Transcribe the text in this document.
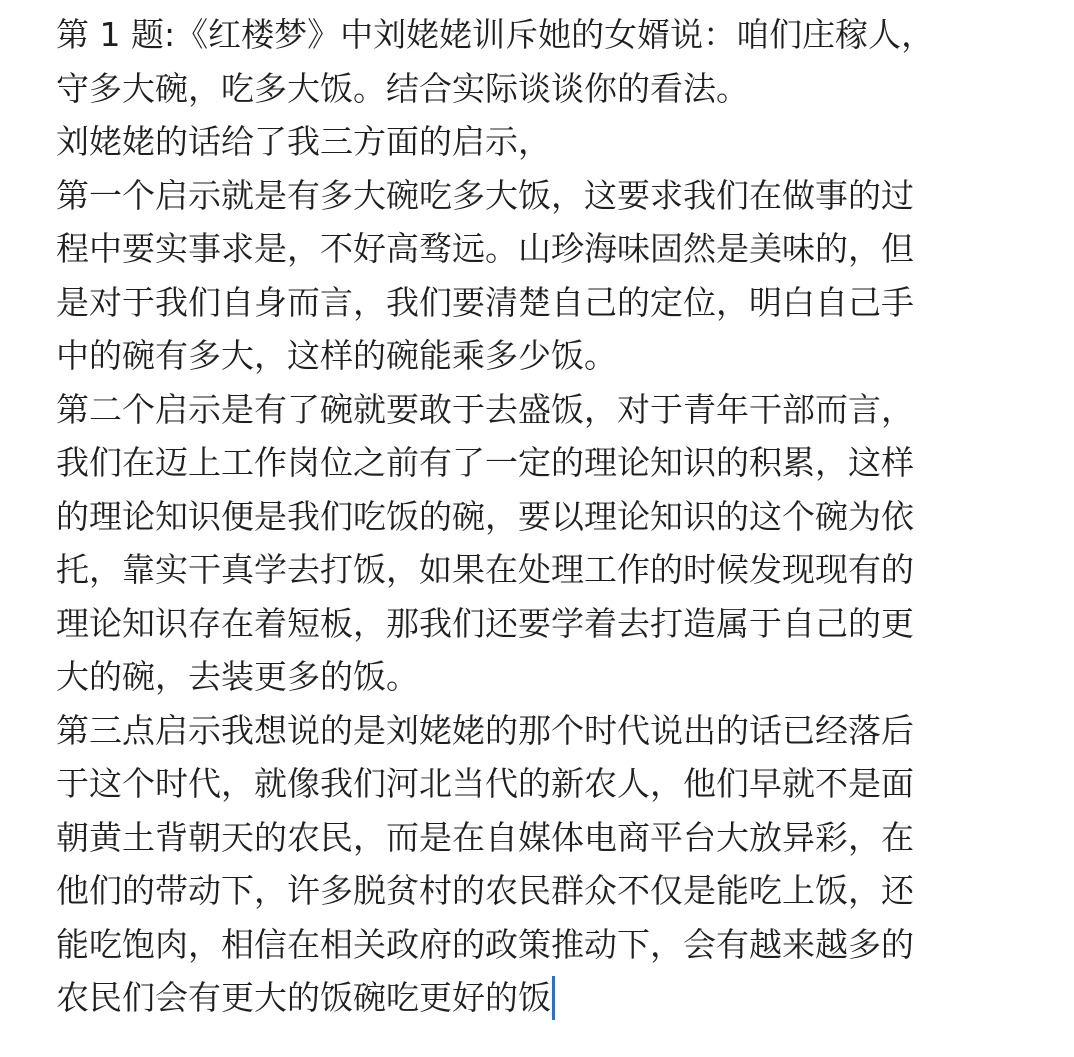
第 1 题:《红楼梦》中刘姥姥训斥她的女婿说：咱们庄稼人，
守多大碗，吃多大饭。结合实际谈谈你的看法。
刘姥姥的话给了我三方面的启示，
第一个启示就是有多大碗吃多大饭，这要求我们在做事的过
程中要实事求是，不好高骛远。山珍海味固然是美味的，但
是对于我们自身而言，我们要清楚自己的定位，明白自己手
中的碗有多大，这样的碗能乘多少饭。
第二个启示是有了碗就要敢于去盛饭，对于青年干部而言，
我们在迈上工作岗位之前有了一定的理论知识的积累，这样
的理论知识便是我们吃饭的碗，要以理论知识的这个碗为依
托，靠实干真学去打饭，如果在处理工作的时候发现现有的
理论知识存在着短板，那我们还要学着去打造属于自己的更
大的碗，去装更多的饭。
第三点启示我想说的是刘姥姥的那个时代说出的话已经落后
于这个时代，就像我们河北当代的新农人，他们早就不是面
朝黄土背朝天的农民，而是在自媒体电商平台大放异彩，在
他们的带动下，许多脱贫村的农民群众不仅是能吃上饭，还
能吃饱肉，相信在相关政府的政策推动下，会有越来越多的
农民们会有更大的饭碗吃更好的饭
